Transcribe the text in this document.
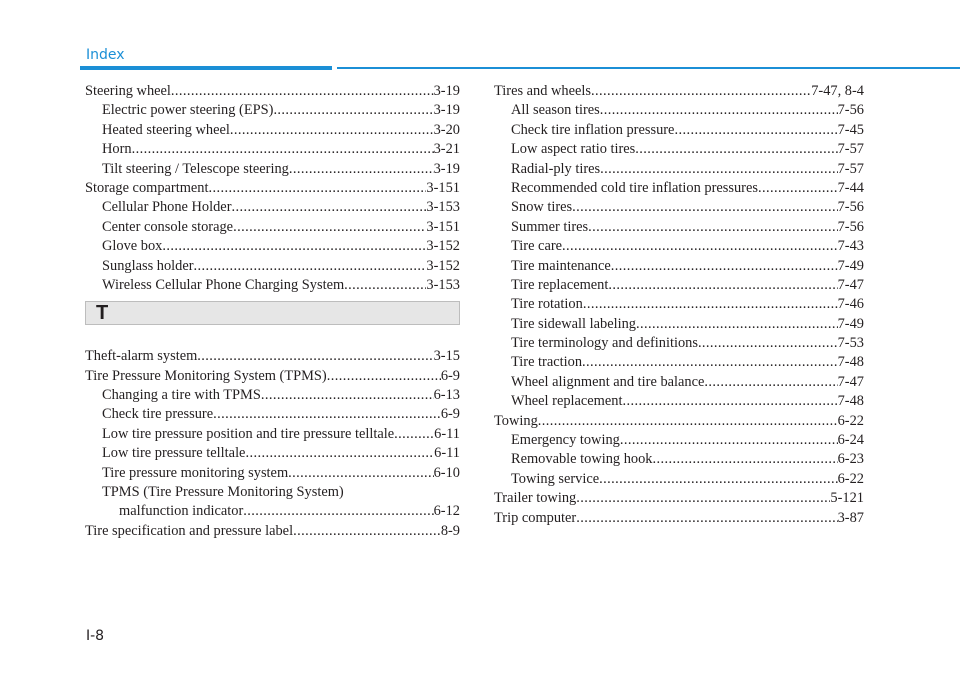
Index
Steering wheel .....	3-19
Electric power steering (EPS) .....	3-19
Heated steering wheel .....	3-20
Horn .....	3-21
Tilt steering / Telescope steering .....	3-19
Storage compartment .....	3-151
Cellular Phone Holder .....	3-153
Center console storage .....	3-151
Glove box .....	3-152
Sunglass holder .....	3-152
Wireless Cellular Phone Charging System .....	3-153
T
Theft-alarm system .....	3-15
Tire Pressure Monitoring System (TPMS) .....	6-9
Changing a tire with TPMS .....	6-13
Check tire pressure .....	6-9
Low tire pressure position and tire pressure telltale .....	6-11
Low tire pressure telltale .....	6-11
Tire pressure monitoring system .....	6-10
TPMS (Tire Pressure Monitoring System)
malfunction indicator .....	6-12
Tire specification and pressure label .....	8-9
Tires and wheels .....	7-47, 8-4
All season tires .....	7-56
Check tire inflation pressure .....	7-45
Low aspect ratio tires .....	7-57
Radial-ply tires .....	7-57
Recommended cold tire inflation pressures .....	7-44
Snow tires .....	7-56
Summer tires .....	7-56
Tire care .....	7-43
Tire maintenance .....	7-49
Tire replacement .....	7-47
Tire rotation .....	7-46
Tire sidewall labeling .....	7-49
Tire terminology and definitions .....	7-53
Tire traction .....	7-48
Wheel alignment and tire balance .....	7-47
Wheel replacement .....	7-48
Towing .....	6-22
Emergency towing .....	6-24
Removable towing hook .....	6-23
Towing service .....	6-22
Trailer towing .....	5-121
Trip computer .....	3-87
I-8
